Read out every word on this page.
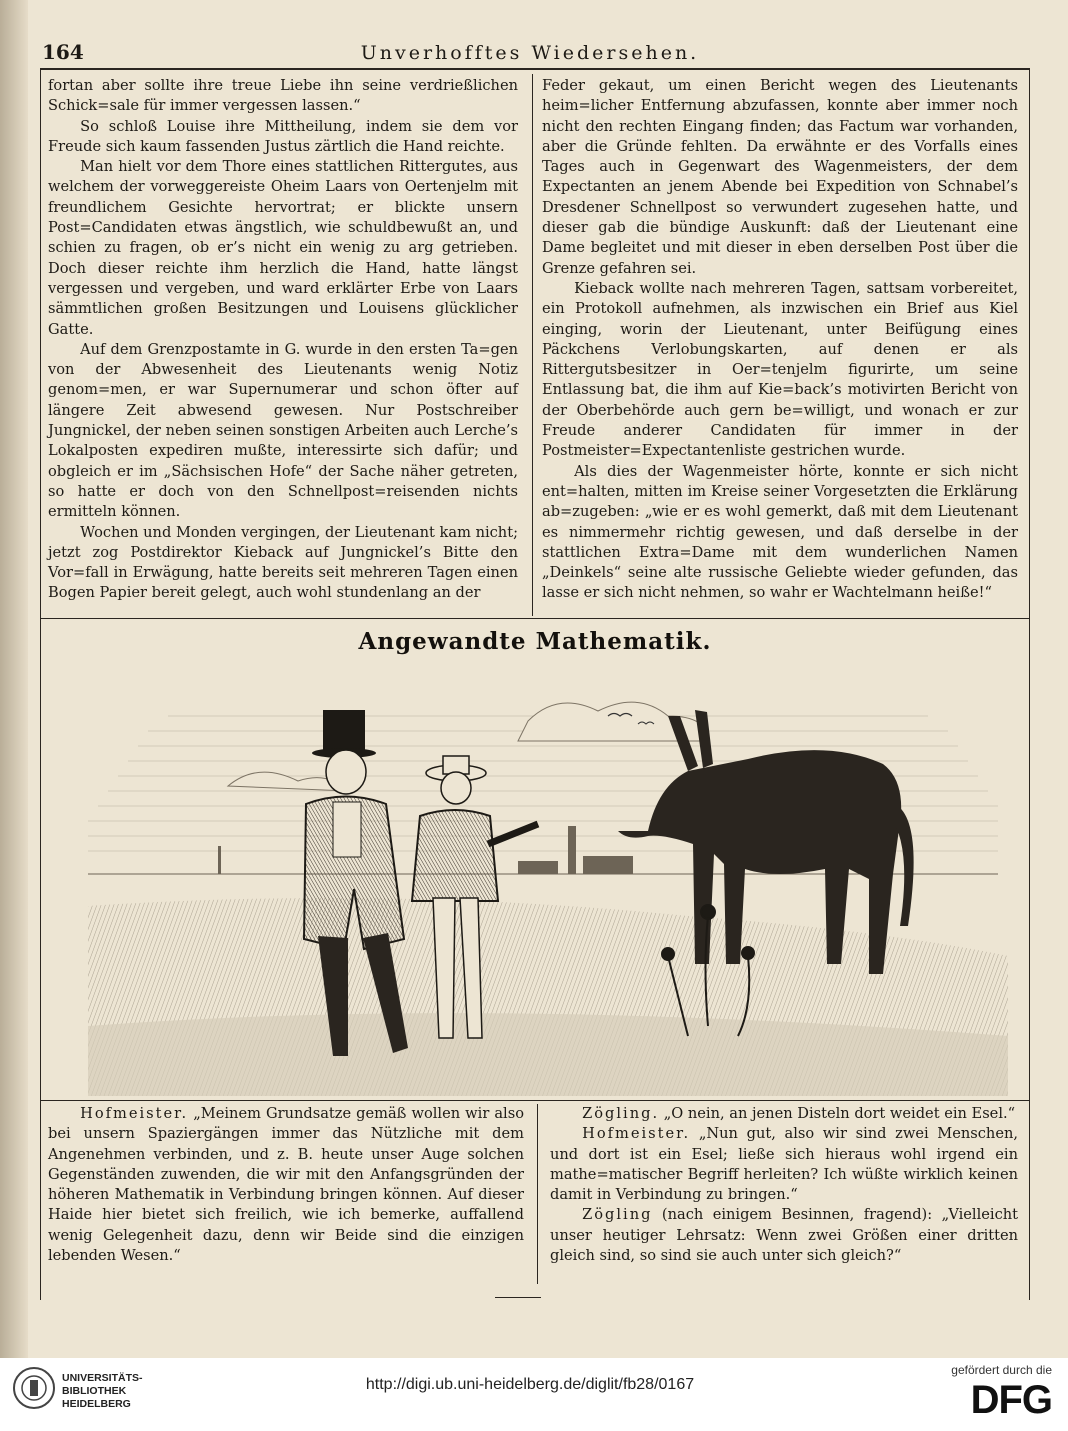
164	Unverhofftes Wiedersehen.

fortan aber sollte ihre treue Liebe ihn seine verdrießlichen Schick=sale für immer vergessen lassen.“

So schloß Louise ihre Mittheilung, indem sie dem vor Freude sich kaum fassenden Justus zärtlich die Hand reichte.

Man hielt vor dem Thore eines stattlichen Rittergutes, aus welchem der vorweggereiste Oheim Laars von Oertenjelm mit freundlichem Gesichte hervortrat; er blickte unsern Post=Candidaten etwas ängstlich, wie schuldbewußt an, und schien zu fragen, ob er’s nicht ein wenig zu arg getrieben. Doch dieser reichte ihm herzlich die Hand, hatte längst vergessen und vergeben, und ward erklärter Erbe von Laars sämmtlichen großen Besitzungen und Louisens glücklicher Gatte.

Auf dem Grenzpostamte in G. wurde in den ersten Ta=gen von der Abwesenheit des Lieutenants wenig Notiz genom=men, er war Supernumerar und schon öfter auf längere Zeit abwesend gewesen. Nur Postschreiber Jungnickel, der neben seinen sonstigen Arbeiten auch Lerche’s Lokalposten expediren mußte, interessirte sich dafür; und obgleich er im „Sächsischen Hofe“ der Sache näher getreten, so hatte er doch von den Schnellpost=reisenden nichts ermitteln können.

Wochen und Monden vergingen, der Lieutenant kam nicht; jetzt zog Postdirektor Kieback auf Jungnickel’s Bitte den Vor=fall in Erwägung, hatte bereits seit mehreren Tagen einen Bogen Papier bereit gelegt, auch wohl stundenlang an der

Feder gekaut, um einen Bericht wegen des Lieutenants heim=licher Entfernung abzufassen, konnte aber immer noch nicht den rechten Eingang finden; das Factum war vorhanden, aber die Gründe fehlten. Da erwähnte er des Vorfalls eines Tages auch in Gegenwart des Wagenmeisters, der dem Expectanten an jenem Abende bei Expedition von Schnabel’s Dresdener Schnellpost so verwundert zugesehen hatte, und dieser gab die bündige Auskunft: daß der Lieutenant eine Dame begleitet und mit dieser in eben derselben Post über die Grenze gefahren sei.

Kieback wollte nach mehreren Tagen, sattsam vorbereitet, ein Protokoll aufnehmen, als inzwischen ein Brief aus Kiel einging, worin der Lieutenant, unter Beifügung eines Päckchens Verlobungskarten, auf denen er als Rittergutsbesitzer in Oer=tenjelm figurirte, um seine Entlassung bat, die ihm auf Kie=back’s motivirten Bericht von der Oberbehörde auch gern be=willigt, und wonach er zur Freude anderer Candidaten für immer in der Postmeister=Expectantenliste gestrichen wurde.

Als dies der Wagenmeister hörte, konnte er sich nicht ent=halten, mitten im Kreise seiner Vorgesetzten die Erklärung ab=zugeben: „wie er es wohl gemerkt, daß mit dem Lieutenant es nimmermehr richtig gewesen, und daß derselbe in der stattlichen Extra=Dame mit dem wunderlichen Namen „Deinkels“ seine alte russische Geliebte wieder gefunden, das lasse er sich nicht nehmen, so wahr er Wachtelmann heiße!“

Angewandte Mathematik.

Hofmeister. „Meinem Grundsatze gemäß wollen wir also bei unsern Spaziergängen immer das Nützliche mit dem Angenehmen verbinden, und z. B. heute unser Auge solchen Gegenständen zuwenden, die wir mit den Anfangsgründen der höheren Mathematik in Verbindung bringen können. Auf dieser Haide hier bietet sich freilich, wie ich bemerke, auffallend wenig Gelegenheit dazu, denn wir Beide sind die einzigen lebenden Wesen.“

Zögling. „O nein, an jenen Disteln dort weidet ein Esel.“

Hofmeister. „Nun gut, also wir sind zwei Menschen, und dort ist ein Esel; ließe sich hieraus wohl irgend ein mathe=matischer Begriff herleiten? Ich wüßte wirklich keinen damit in Verbindung zu bringen.“

Zögling (nach einigem Besinnen, fragend): „Vielleicht unser heutiger Lehrsatz: Wenn zwei Größen einer dritten gleich sind, so sind sie auch unter sich gleich?“

UNIVERSITÄTS-
BIBLIOTHEK
HEIDELBERG
http://digi.ub.uni-heidelberg.de/diglit/fb28/0167
gefördert durch die
DFG
